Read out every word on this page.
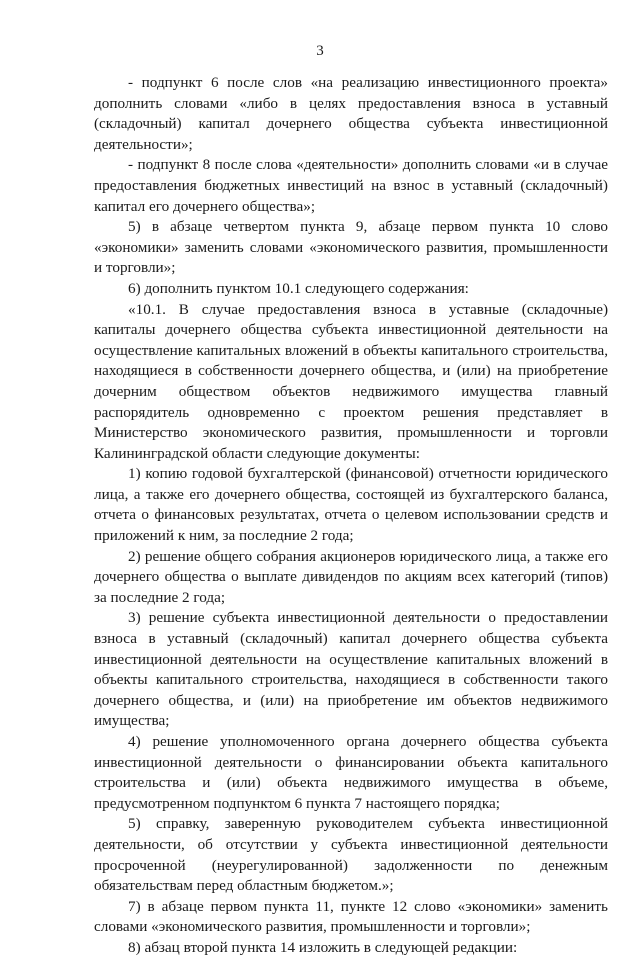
3

- подпункт 6 после слов «на реализацию инвестиционного проекта» дополнить словами «либо в целях предоставления взноса в уставный (складочный) капитал дочернего общества субъекта инвестиционной деятельности»;

- подпункт 8 после слова «деятельности» дополнить словами «и в случае предоставления бюджетных инвестиций на взнос в уставный (складочный) капитал его дочернего общества»;

5) в абзаце четвертом пункта 9, абзаце первом пункта 10 слово «экономики» заменить словами «экономического развития, промышленности и торговли»;

6) дополнить пунктом 10.1 следующего содержания:

«10.1. В случае предоставления взноса в уставные (складочные) капиталы дочернего общества субъекта инвестиционной деятельности на осуществление капитальных вложений в объекты капитального строительства, находящиеся в собственности дочернего общества, и (или) на приобретение дочерним обществом объектов недвижимого имущества главный распорядитель одновременно с проектом решения представляет в Министерство экономического развития, промышленности и торговли Калининградской области следующие документы:

1) копию годовой бухгалтерской (финансовой) отчетности юридического лица, а также его дочернего общества, состоящей из бухгалтерского баланса, отчета о финансовых результатах, отчета о целевом использовании средств и приложений к ним, за последние 2 года;

2) решение общего собрания акционеров юридического лица, а также его дочернего общества о выплате дивидендов по акциям всех категорий (типов) за последние 2 года;

3) решение субъекта инвестиционной деятельности о предоставлении взноса в уставный (складочный) капитал дочернего общества субъекта инвестиционной деятельности на осуществление капитальных вложений в объекты капитального строительства, находящиеся в собственности такого дочернего общества, и (или) на приобретение им объектов недвижимого имущества;

4) решение уполномоченного органа дочернего общества субъекта инвестиционной деятельности о финансировании объекта капитального строительства и (или) объекта недвижимого имущества в объеме, предусмотренном подпунктом 6 пункта 7 настоящего порядка;

5) справку, заверенную руководителем субъекта инвестиционной деятельности, об отсутствии у субъекта инвестиционной деятельности просроченной (неурегулированной) задолженности по денежным обязательствам перед областным бюджетом.»;

7) в абзаце первом пункта 11, пункте 12 слово «экономики» заменить словами «экономического развития, промышленности и торговли»;

8) абзац второй пункта 14 изложить в следующей редакции:
